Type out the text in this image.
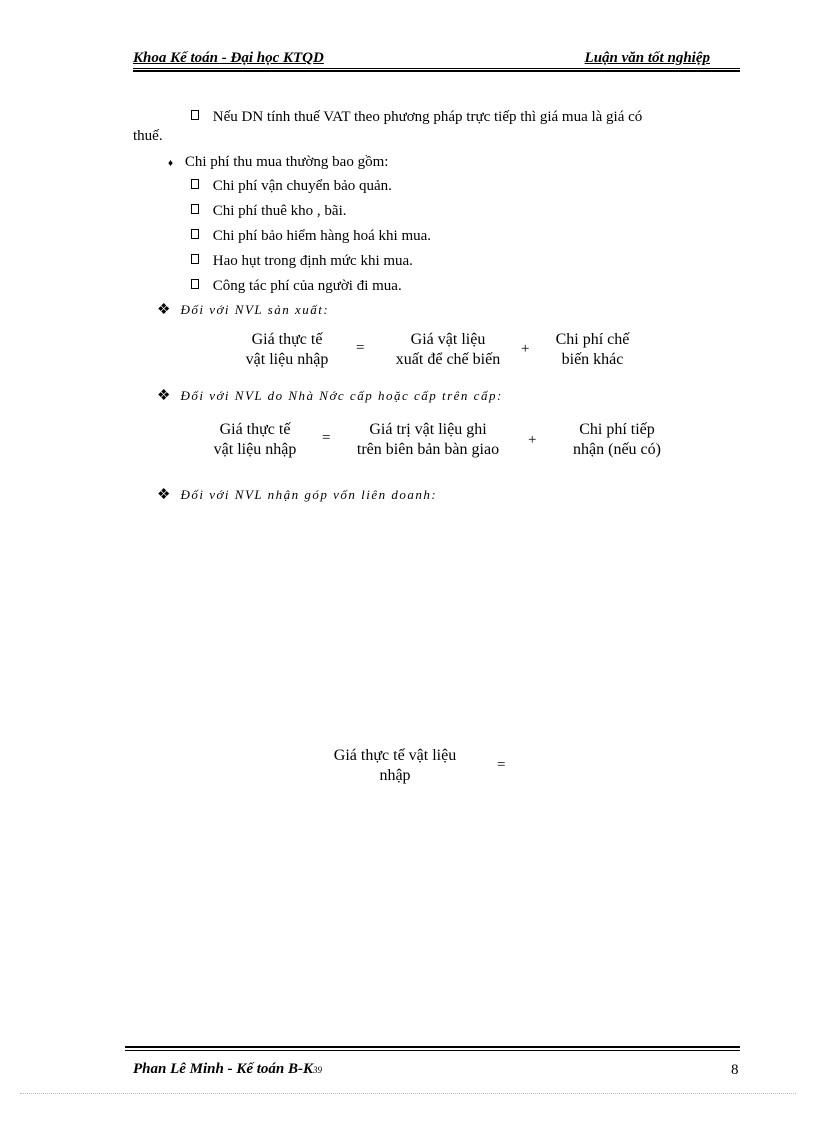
Khoa Kế toán - Đại học KTQD	Luận văn tốt nghiệp
Nếu DN tính thuế VAT theo phương pháp trực tiếp thì giá mua là giá có
thuế.
♦ Chi phí thu mua thường bao gồm:
Chi phí vận chuyển bảo quản.
Chi phí thuê kho , bãi.
Chi phí bảo hiểm hàng hoá khi mua.
Hao hụt trong định mức khi mua.
Công tác phí của người đi mua.
❖ Đối với NVL sản xuất:
Giá thực tế
vật liệu nhập
=	Giá vật liệu
xuất để chế biến
+
Chi phí chế
biến khác
❖ Đối với NVL do Nhà Nớc cấp hoặc cấp trên cấp:
Giá thực tế
vật liệu nhập
=	Giá trị vật liệu ghi
trên biên bản bàn giao
+
Chi phí tiếp
nhận (nếu có)
❖ Đối với NVL nhận góp vốn liên doanh:
Giá thực tế vật liệu
nhập
=
Phan Lê Minh - Kế toán B-K39	8
